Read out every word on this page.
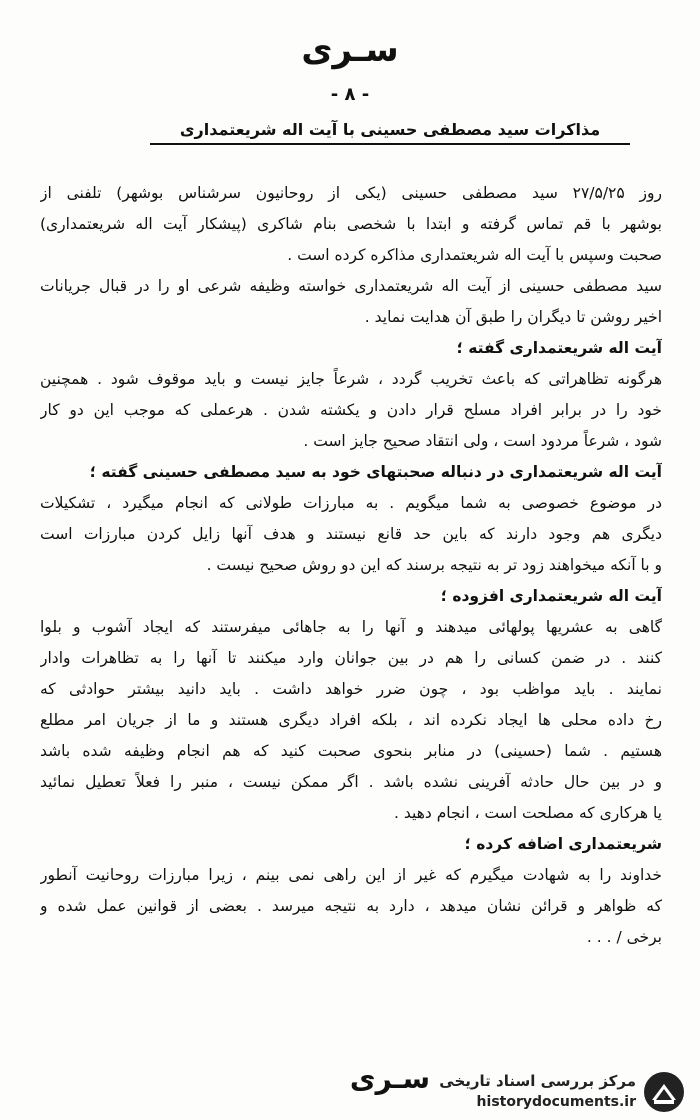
سـری
- ۸ -
مذاکرات سید مصطفی حسینی با آیت اله شریعتمداری
روز ۲۷/۵/۲۵ سید مصطفی حسینی (یکی از روحانیون سرشناس بوشهر) تلفنی از
بوشهر با قم تماس گرفته و ابتدا با شخصی بنام شاکری (پیشکار آیت اله شریعتمداری)
صحبت وسپس با آیت اله شریعتمداری مذاکره کرده است .
سید مصطفی حسینی از آیت اله شریعتمداری خواسته وظیفه شرعی او را در قبال جریانات
اخیر روشن تا دیگران را طبق آن هدایت نماید .
آیت اله شریعتمداری گفته ؛
هرگونه تظاهراتی که باعث تخریب گردد ، شرعاً جایز نیست و باید موقوف شود . همچنین
خود را در برابر افراد مسلح قرار دادن و یکشته شدن . هرعملی که موجب این دو کار
شود ، شرعاً مردود است ، ولی انتقاد صحیح جایز است .
آیت اله شریعتمداری در دنباله صحبتهای خود به سید مصطفی حسینی گفته ؛
در موضوع خصوصی به شما میگویم . به مبارزات طولانی که انجام میگیرد ، تشکیلات
دیگری هم وجود دارند که باین حد قانع نیستند و هدف آنها زایل کردن مبارزات است
و با آنکه میخواهند زود تر به نتیجه برسند که این دو روش صحیح نیست .
آیت اله شریعتمداری افزوده ؛
گاهی به عشریها پولهائی میدهند و آنها را به جاهائی میفرستند که ایجاد آشوب و بلوا
کنند . در ضمن کسانی را هم در بین جوانان وارد میکنند تا آنها را به تظاهرات وادار
نمایند . باید مواظب بود ، چون ضرر خواهد داشت . باید دانید بیشتر حوادثی که
رخ داده محلی ها ایجاد نکرده اند ، بلکه افراد دیگری هستند و ما از جریان امر مطلع
هستیم . شما (حسینی) در منابر بنحوی صحبت کنید که هم انجام وظیفه شده باشد
و در بین حال حادثه آفرینی نشده باشد . اگر ممکن نیست ، منبر را فعلاً تعطیل نمائید
یا هرکاری که مصلحت است ، انجام دهید .
شریعتمداری اضافه کرده ؛
خداوند را به شهادت میگیرم که غیر از این راهی نمی بینم ، زیرا مبارزات روحانیت آنطور
که ظواهر و قرائن نشان میدهد ، دارد به نتیجه میرسد . بعضی از قوانین عمل شده و
برخی / . . .
سـری مرکز بررسی اسناد تاریخی
historydocuments.ir
